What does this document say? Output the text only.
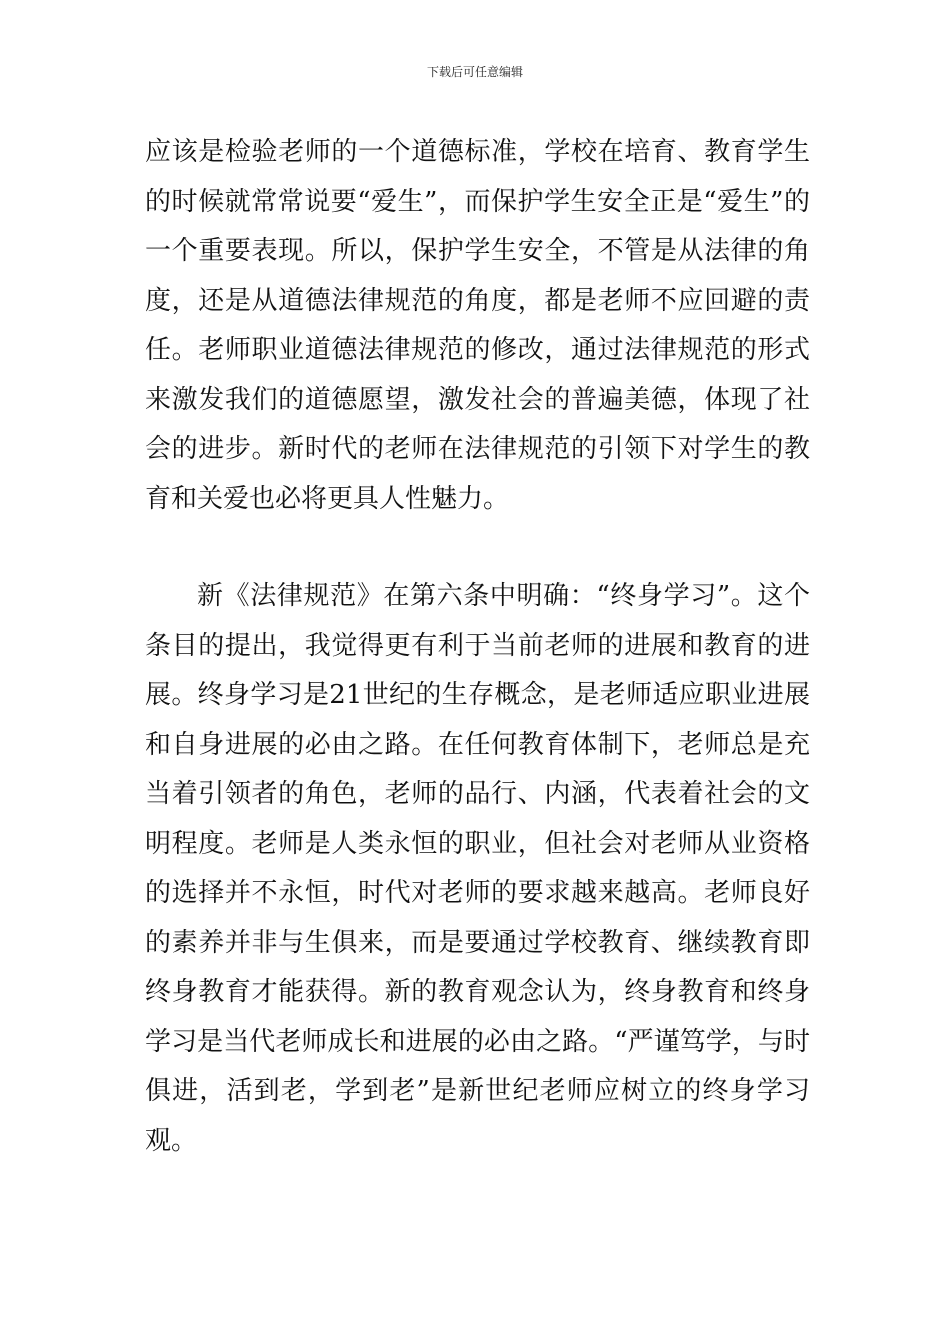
下载后可任意编辑

应该是检验老师的一个道德标准，学校在培育、教育学生的时候就常常说要“爱生”，而保护学生安全正是“爱生”的一个重要表现。所以，保护学生安全，不管是从法律的角度，还是从道德法律规范的角度，都是老师不应回避的责任。老师职业道德法律规范的修改，通过法律规范的形式来激发我们的道德愿望，激发社会的普遍美德，体现了社会的进步。新时代的老师在法律规范的引领下对学生的教育和关爱也必将更具人性魅力。

新《法律规范》在第六条中明确：“终身学习”。这个条目的提出，我觉得更有利于当前老师的进展和教育的进展。终身学习是21世纪的生存概念，是老师适应职业进展和自身进展的必由之路。在任何教育体制下，老师总是充当着引领者的角色，老师的品行、内涵，代表着社会的文明程度。老师是人类永恒的职业，但社会对老师从业资格的选择并不永恒，时代对老师的要求越来越高。老师良好的素养并非与生俱来，而是要通过学校教育、继续教育即终身教育才能获得。新的教育观念认为，终身教育和终身学习是当代老师成长和进展的必由之路。“严谨笃学，与时俱进，活到老，学到老”是新世纪老师应树立的终身学习观。
